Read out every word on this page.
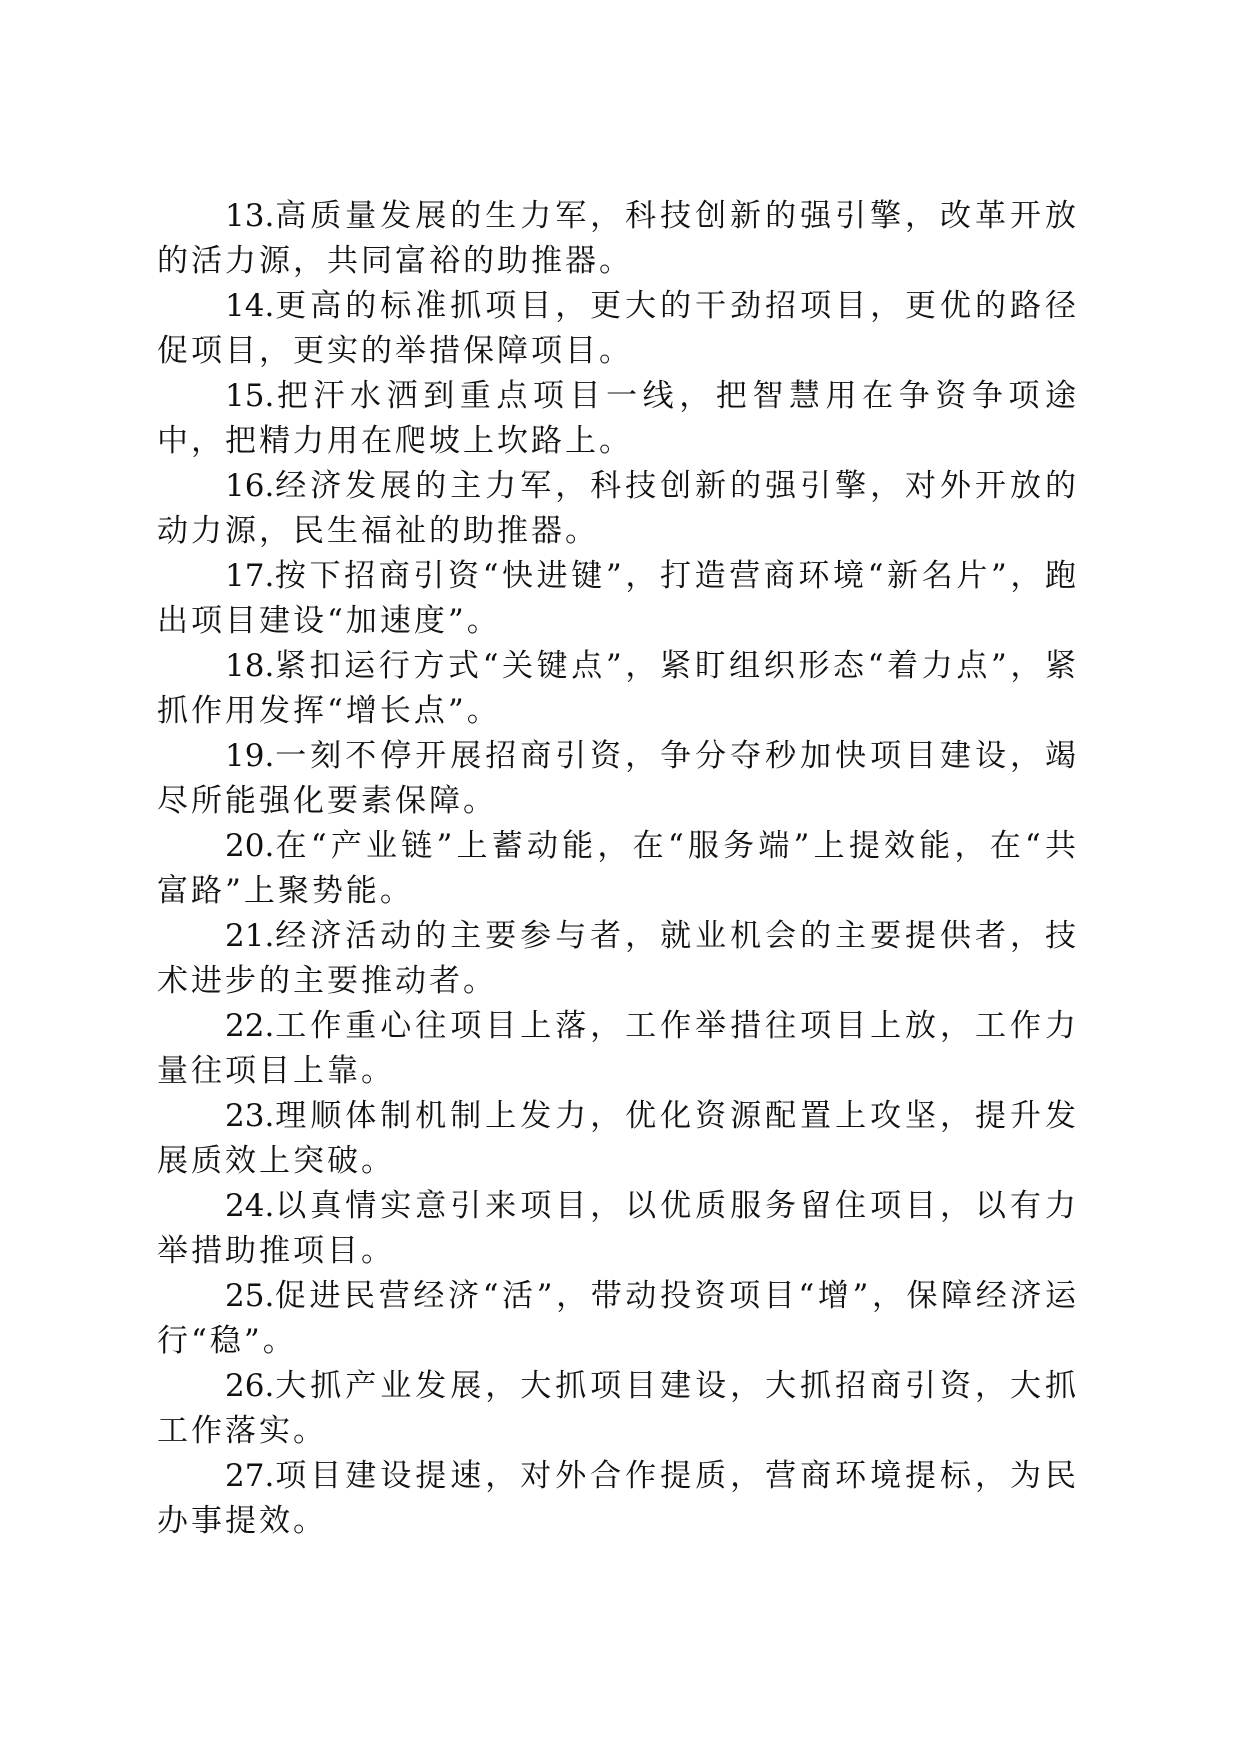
13.高质量发展的生力军，科技创新的强引擎，改革开放的活力源，共同富裕的助推器。

14.更高的标准抓项目，更大的干劲招项目，更优的路径促项目，更实的举措保障项目。

15.把汗水洒到重点项目一线，把智慧用在争资争项途中，把精力用在爬坡上坎路上。

16.经济发展的主力军，科技创新的强引擎，对外开放的动力源，民生福祉的助推器。

17.按下招商引资“快进键”，打造营商环境“新名片”，跑出项目建设“加速度”。

18.紧扣运行方式“关键点”，紧盯组织形态“着力点”，紧抓作用发挥“增长点”。

19.一刻不停开展招商引资，争分夺秒加快项目建设，竭尽所能强化要素保障。

20.在“产业链”上蓄动能，在“服务端”上提效能，在“共富路”上聚势能。

21.经济活动的主要参与者，就业机会的主要提供者，技术进步的主要推动者。

22.工作重心往项目上落，工作举措往项目上放，工作力量往项目上靠。

23.理顺体制机制上发力，优化资源配置上攻坚，提升发展质效上突破。

24.以真情实意引来项目，以优质服务留住项目，以有力举措助推项目。

25.促进民营经济“活”，带动投资项目“增”，保障经济运行“稳”。

26.大抓产业发展，大抓项目建设，大抓招商引资，大抓工作落实。

27.项目建设提速，对外合作提质，营商环境提标，为民办事提效。
